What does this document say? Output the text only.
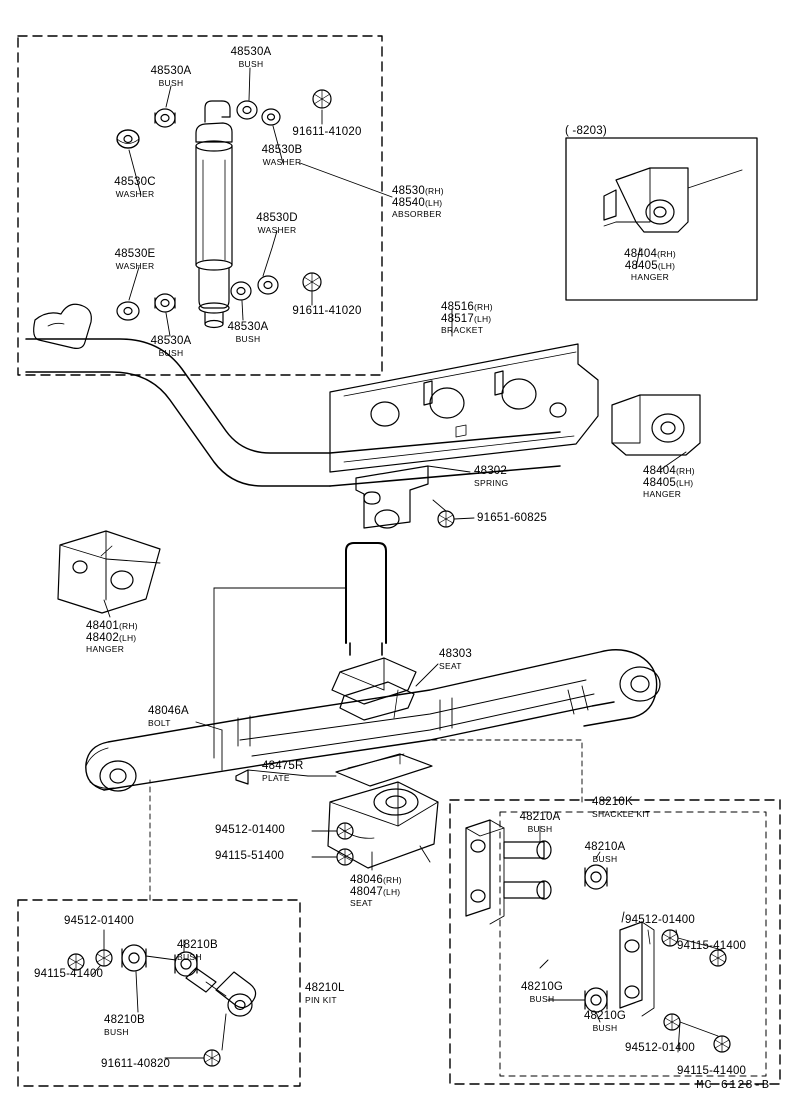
48530A
BUSH
48530A
BUSH
91611-41020
48530B
WASHER
48530C
WASHER
48530D
WASHER
48530E
WASHER
48530A
BUSH
48530A
BUSH
91611-41020
48530(RH)
48540(LH)
ABSORBER
48404(RH)
48405(LH)
HANGER
( -8203)
48516(RH)
48517(LH)
BRACKET
48302
SPRING
91651-60825
48404(RH)
48405(LH)
HANGER
48401(RH)
48402(LH)
HANGER	48303
SEAT
48046A
BOLT
48475R
PLATE
94512-01400
94115-51400
48046(RH)
48047(LH)
SEAT
48210K
SHACKLE KIT
48210A
BUSH
48210A
BUSH
94512-01400
94115-41400
48210G
BUSH
48210G
BUSH
94512-01400
94115-41400
94512-01400
48210B
BUSH
94115-41400
48210B
BUSH
91611-40820
48210L
PIN KIT
MC 6128-B
